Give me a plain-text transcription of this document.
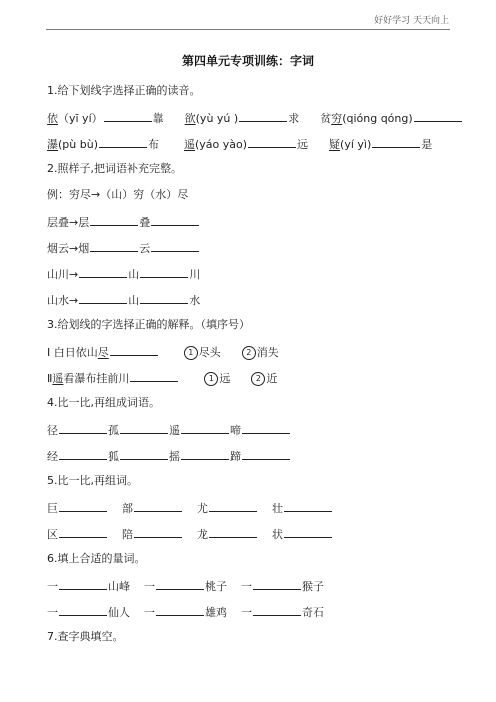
好好学习 天天向上
第四单元专项训练：字词
1.给下划线字选择正确的读音。
依（yī yí）	靠 欲(yù yú )	求 贫穷(qióng qóng)
瀑(pù bù)	布 遥(yáo yào)	远 疑(yí yì)	是
2.照样子,把词语补充完整。
例：穷尽→（山）穷（水）尽
层叠→层	叠
烟云→烟	云
山川→	山	川
山水→	山	水
3.给划线的字选择正确的解释。（填序号）
Ⅰ 白日依山尽	1 尽头	2 消失
Ⅱ遥看瀑布挂前川	1 远	2 近
4.比一比,再组成词语。
径	孤	遥	啼
经	狐	摇	蹄
5.比一比,再组词。
巨	部	尤	壮
区	陪	龙	状
6.填上合适的量词。
一	山峰 一	桃子 一	猴子
一	仙人 一	雄鸡 一	奇石
7.查字典填空。
